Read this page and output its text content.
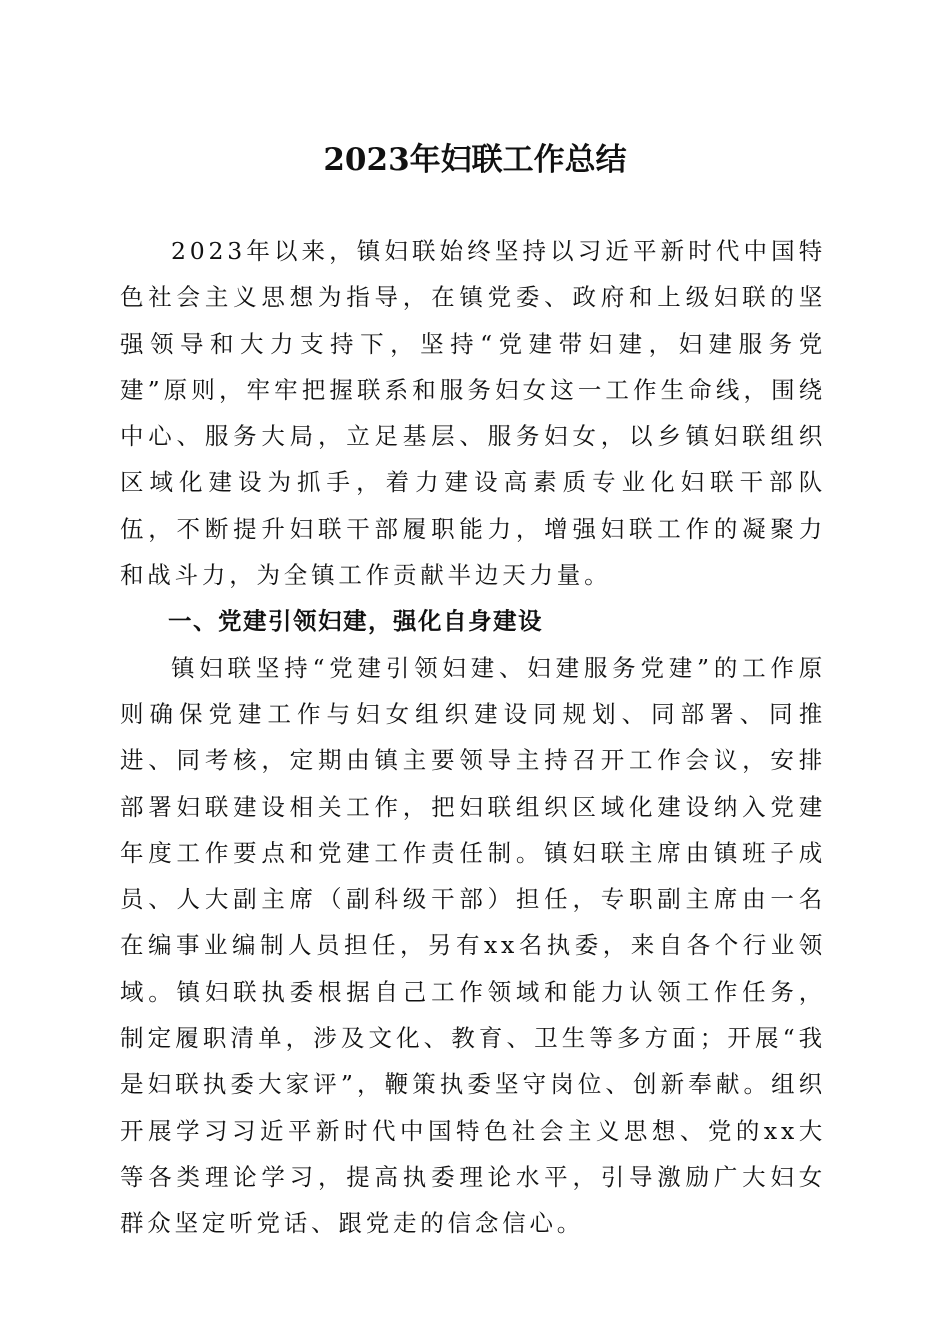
2023年妇联工作总结

2023年以来，镇妇联始终坚持以习近平新时代中国特色社会主义思想为指导，在镇党委、政府和上级妇联的坚强领导和大力支持下，坚持“党建带妇建，妇建服务党建”原则，牢牢把握联系和服务妇女这一工作生命线，围绕中心、服务大局，立足基层、服务妇女，以乡镇妇联组织区域化建设为抓手，着力建设高素质专业化妇联干部队伍，不断提升妇联干部履职能力，增强妇联工作的凝聚力和战斗力，为全镇工作贡献半边天力量。

一、党建引领妇建，强化自身建设

镇妇联坚持“党建引领妇建、妇建服务党建”的工作原则确保党建工作与妇女组织建设同规划、同部署、同推进、同考核，定期由镇主要领导主持召开工作会议，安排部署妇联建设相关工作，把妇联组织区域化建设纳入党建年度工作要点和党建工作责任制。镇妇联主席由镇班子成员、人大副主席（副科级干部）担任，专职副主席由一名在编事业编制人员担任，另有xx名执委，来自各个行业领域。镇妇联执委根据自己工作领域和能力认领工作任务，制定履职清单，涉及文化、教育、卫生等多方面；开展“我是妇联执委大家评”，鞭策执委坚守岗位、创新奉献。组织开展学习习近平新时代中国特色社会主义思想、党的xx大等各类理论学习，提高执委理论水平，引导激励广大妇女群众坚定听党话、跟党走的信念信心。
